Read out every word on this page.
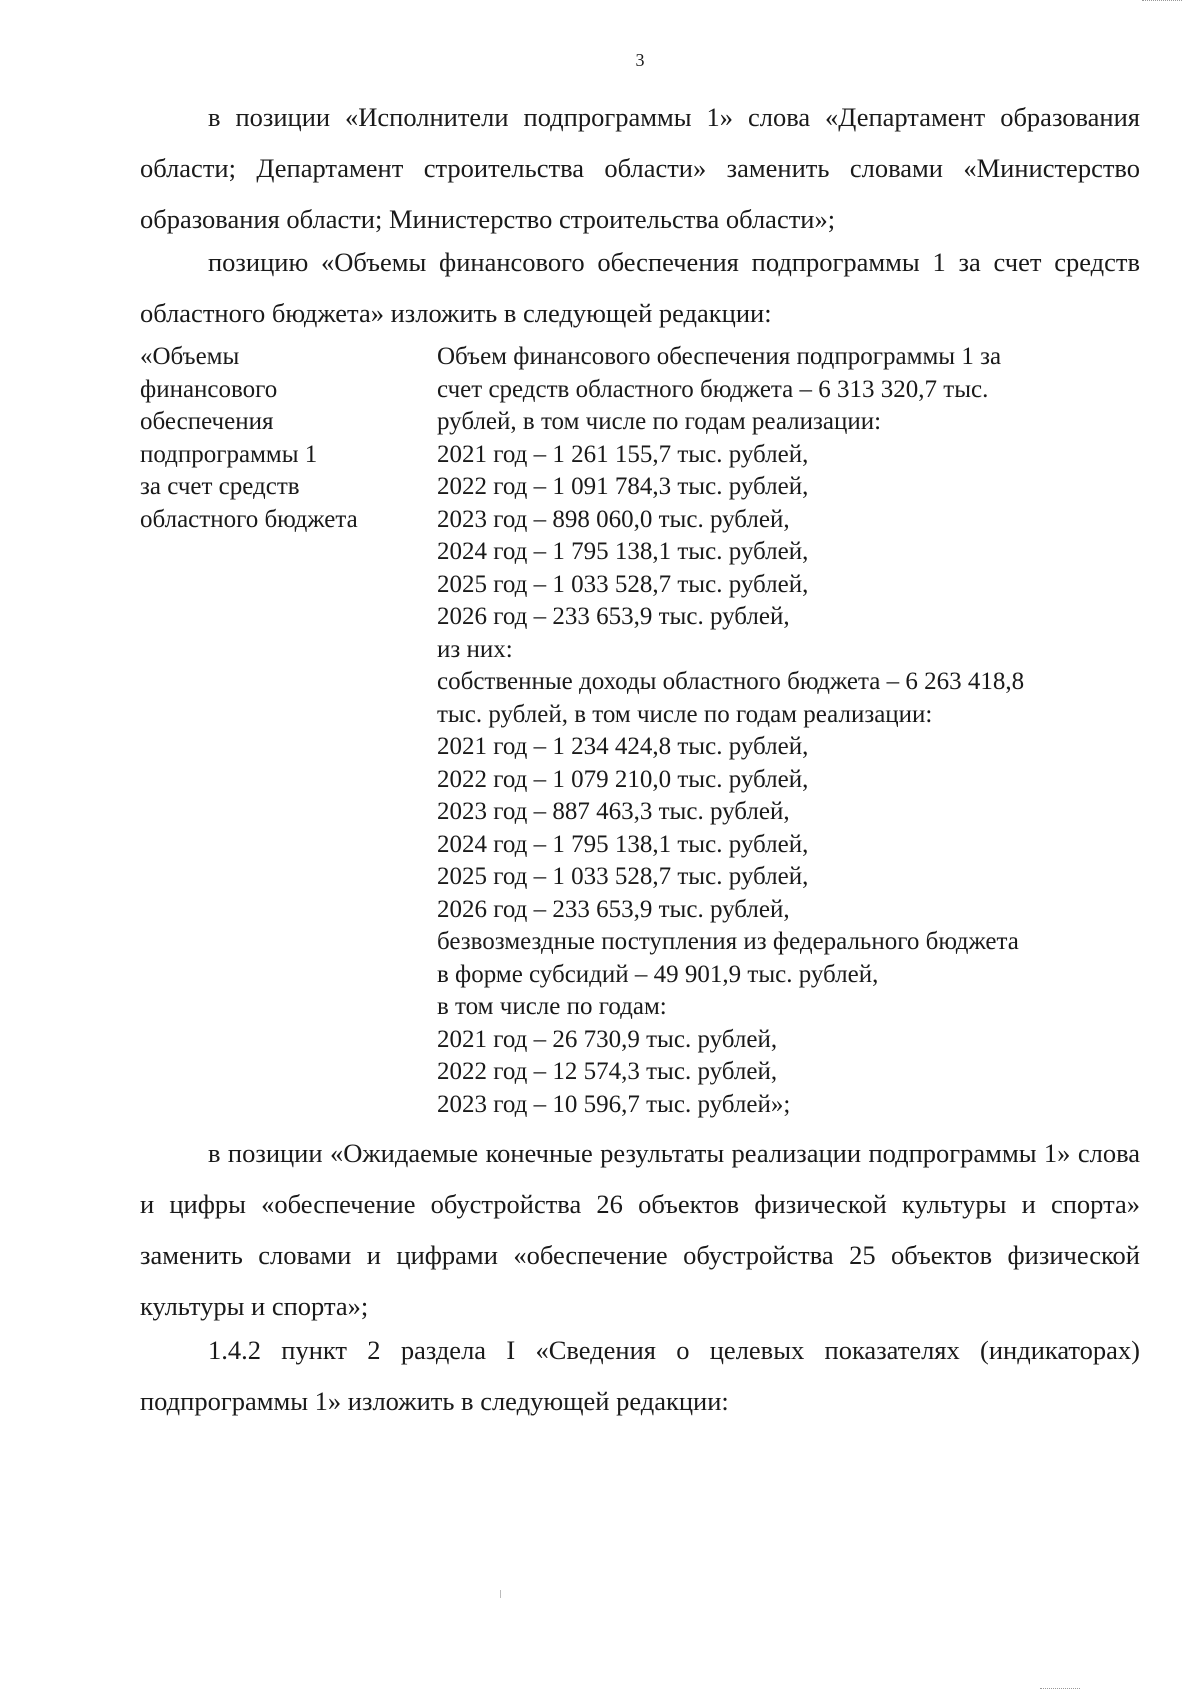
3

в позиции «Исполнители подпрограммы 1» слова «Департамент образования области; Департамент строительства области» заменить словами «Министерство образования области; Министерство строительства области»;

позицию «Объемы финансового обеспечения подпрограммы 1 за счет средств областного бюджета» изложить в следующей редакции:

«Объемы
финансового
обеспечения
подпрограммы 1
за счет средств
областного бюджета
Объем финансового обеспечения подпрограммы 1 за
счет средств областного бюджета – 6 313 320,7 тыс.
рублей, в том числе по годам реализации:
2021 год – 1 261 155,7 тыс. рублей,
2022 год – 1 091 784,3 тыс. рублей,
2023 год – 898 060,0 тыс. рублей,
2024 год – 1 795 138,1 тыс. рублей,
2025 год – 1 033 528,7 тыс. рублей,
2026 год – 233 653,9 тыс. рублей,
из них:
собственные доходы областного бюджета – 6 263 418,8
тыс. рублей, в том числе по годам реализации:
2021 год – 1 234 424,8 тыс. рублей,
2022 год – 1 079 210,0 тыс. рублей,
2023 год – 887 463,3 тыс. рублей,
2024 год – 1 795 138,1 тыс. рублей,
2025 год – 1 033 528,7 тыс. рублей,
2026 год – 233 653,9 тыс. рублей,
безвозмездные поступления из федерального бюджета
в форме субсидий – 49 901,9 тыс. рублей,
в том числе по годам:
2021 год – 26 730,9 тыс. рублей,
2022 год – 12 574,3 тыс. рублей,
2023 год – 10 596,7 тыс. рублей»;

в позиции «Ожидаемые конечные результаты реализации подпрограммы 1» слова и цифры «обеспечение обустройства 26 объектов физической культуры и спорта» заменить словами и цифрами «обеспечение обустройства 25 объектов физической культуры и спорта»;

1.4.2 пункт 2 раздела I «Сведения о целевых показателях (индикаторах) подпрограммы 1» изложить в следующей редакции:
